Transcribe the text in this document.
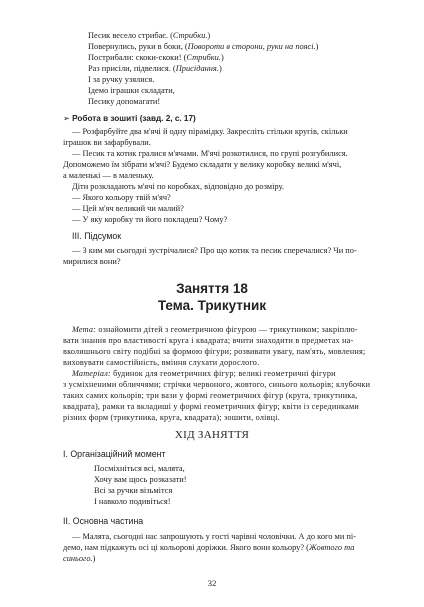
Песик весело стрибає. (Стрибки.)
Повернулись, руки в боки, (Повороти в сторони, руки на поясі.)
Пострибали: скоки-скоки! (Стрибки.)
Раз присіли, підвелися. (Присідання.)
І за ручку узялися.
Ідемо іграшки складати,
Песику допомагати!
➢ Робота в зошиті (завд. 2, с. 17)
— Розфарбуйте два м'ячі й одну пірамідку. Закресліть стільки кругів, скільки
іграшок ви зафарбували.
— Песик та котик гралися м'ячами. М'ячі розкотилися, по групі розгубилися.
Допоможемо їм зібрати м'ячі? Будемо складати у велику коробку великі м'ячі,
а маленькі — в маленьку.
Діти розкладають м'ячі по коробках, відповідно до розміру.
— Якого кольору твій м'яч?
— Цей м'яч великий чи малий?
— У яку коробку ти його покладеш? Чому?
ІІІ. Підсумок
— З ким ми сьогодні зустрічалися? Про що котик та песик сперечалися? Чи по-
мирилися вони?
Заняття 18
Тема. Трикутник
Мета: ознайомити дітей з геометричною фігурою — трикутником; закріплю-
вати знання про властивості круга і квадрата; вчити знаходити в предметах на-
вколишнього світу подібні за формою фігури; розвивати увагу, пам'ять, мовлення;
виховувати самостійність, вміння слухати дорослого.
Матеріал: будинок для геометричних фігур; великі геометричні фігури
з усміхненими обличчями; стрічки червоного, жовтого, синього кольорів; клубочки
таких самих кольорів; три вази у формі геометричних фігур (круга, трикутника,
квадрата), рамки та вкладиші у формі геометричних фігур; квіти із серединками
різних форм (трикутника, круга, квадрата); зошити, олівці.
ХІД ЗАНЯТТЯ
І. Організаційний момент
Посміхніться всі, малята,
Хочу вам щось розказати!
Всі за ручки візьмітся
І навколо подивіться!
ІІ. Основна частина
— Малята, сьогодні нас запрошують у гості чарівні чоловічки. А до кого ми пі-
демо, нам підкажуть осі ці кольорові доріжки. Якого вони кольору? (Жовтого та
синього.)
32
